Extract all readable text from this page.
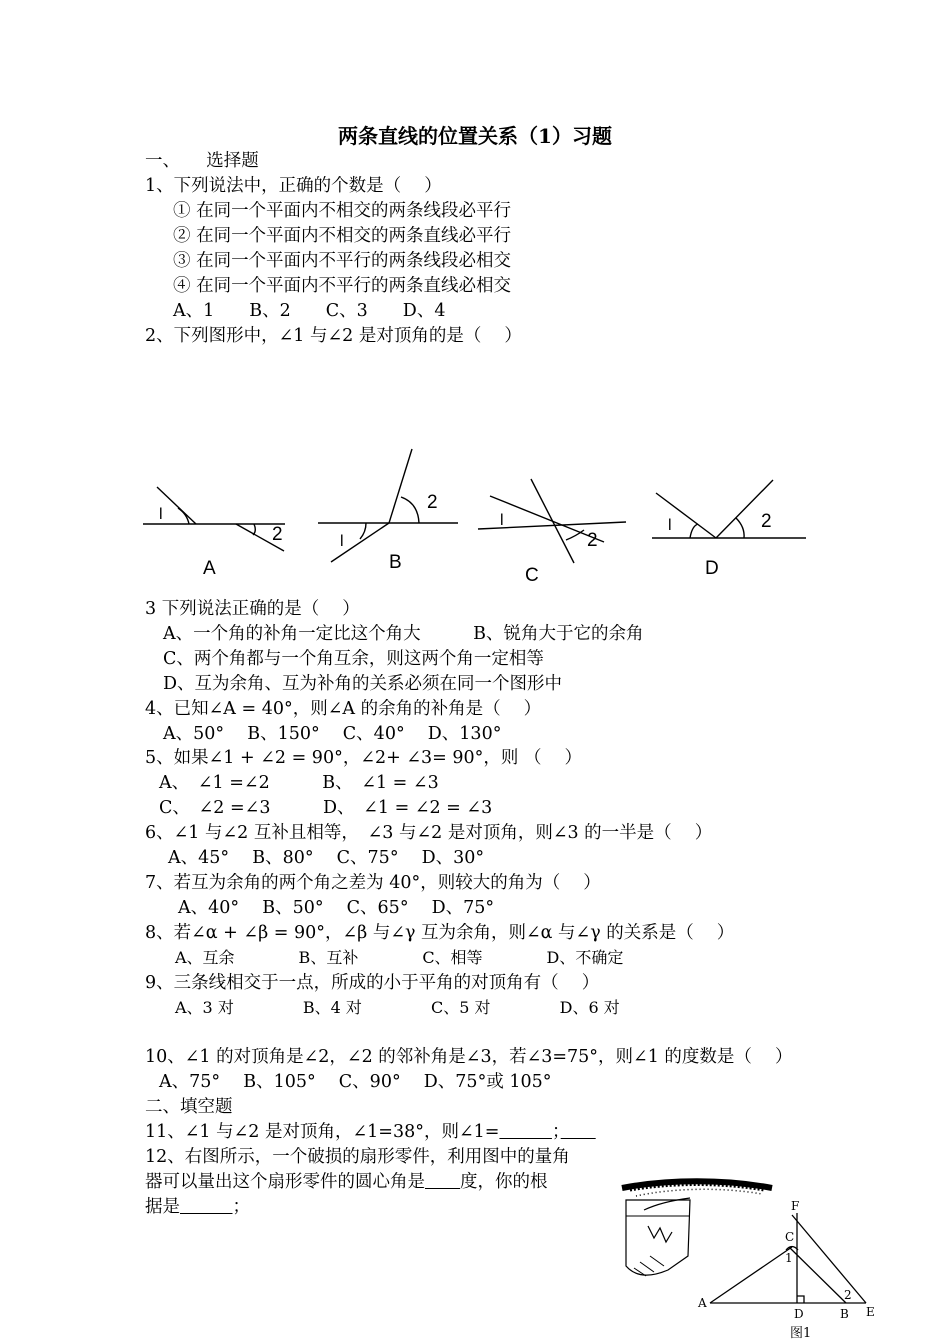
两条直线的位置关系（1）习题
一、　　选择题
1、下列说法中，正确的个数是（　 ）
① 在同一个平面内不相交的两条线段必平行
② 在同一个平面内不相交的两条直线必平行
③ 在同一个平面内不平行的两条线段必相交
④ 在同一个平面内不平行的两条直线必相交
A、1　　B、2　　C、3　　D、4
2、下列图形中，∠1 与∠2 是对顶角的是（　 ）
l
2	l
2
l
2
l	2
A	B
C	D
3 下列说法正确的是（　 ）
A、一个角的补角一定比这个角大　　　B、锐角大于它的余角
C、两个角都与一个角互余，则这两个角一定相等
D、互为余角、互为补角的关系必须在同一个图形中
4、已知∠A = 40°，则∠A 的余角的补角是（　 ）
A、50°　 B、150°　 C、40°　 D、130°
5、如果∠1 + ∠2 = 90°，∠2+ ∠3= 90°，则 （　 ）
A、　∠1 =∠2　　　B、　∠1 = ∠3
C、　∠2 =∠3　　　D、　∠1 = ∠2 = ∠3
6、∠1 与∠2 互补且相等，　∠3 与∠2 是对顶角，则∠3 的一半是（　 ）
A、45°　 B、80°　 C、75°　 D、30°
7、若互为余角的两个角之差为 40°，则较大的角为（　 ）
A、40°　 B、50°　 C、65°　 D、75°
8、若∠α + ∠β = 90°，∠β 与∠γ 互为余角，则∠α 与∠γ 的关系是（　 ）
A、互余　　　　B、互补　　　　C、相等　　　　D、不确定
9、三条线相交于一点，所成的小于平角的对顶角有（　 ）
A、3 对　　　　 B、4 对　　　　 C、5 对　　　　 D、6 对
10、∠1 的对顶角是∠2，∠2 的邻补角是∠3，若∠3=75°，则∠1 的度数是（　 ）
A、75°　 B、105°　 C、90°　 D、75°或 105°
二、填空题
11、∠1 与∠2 是对顶角，∠1=38°，则∠1=　　　	；　　
12、右图所示，一个破损的扇形零件，利用图中的量角
器可以量出这个扇形零件的圆心角是　　 度，你的根
据是　　　	；	F
C
A
D	B E
1
2
图1
